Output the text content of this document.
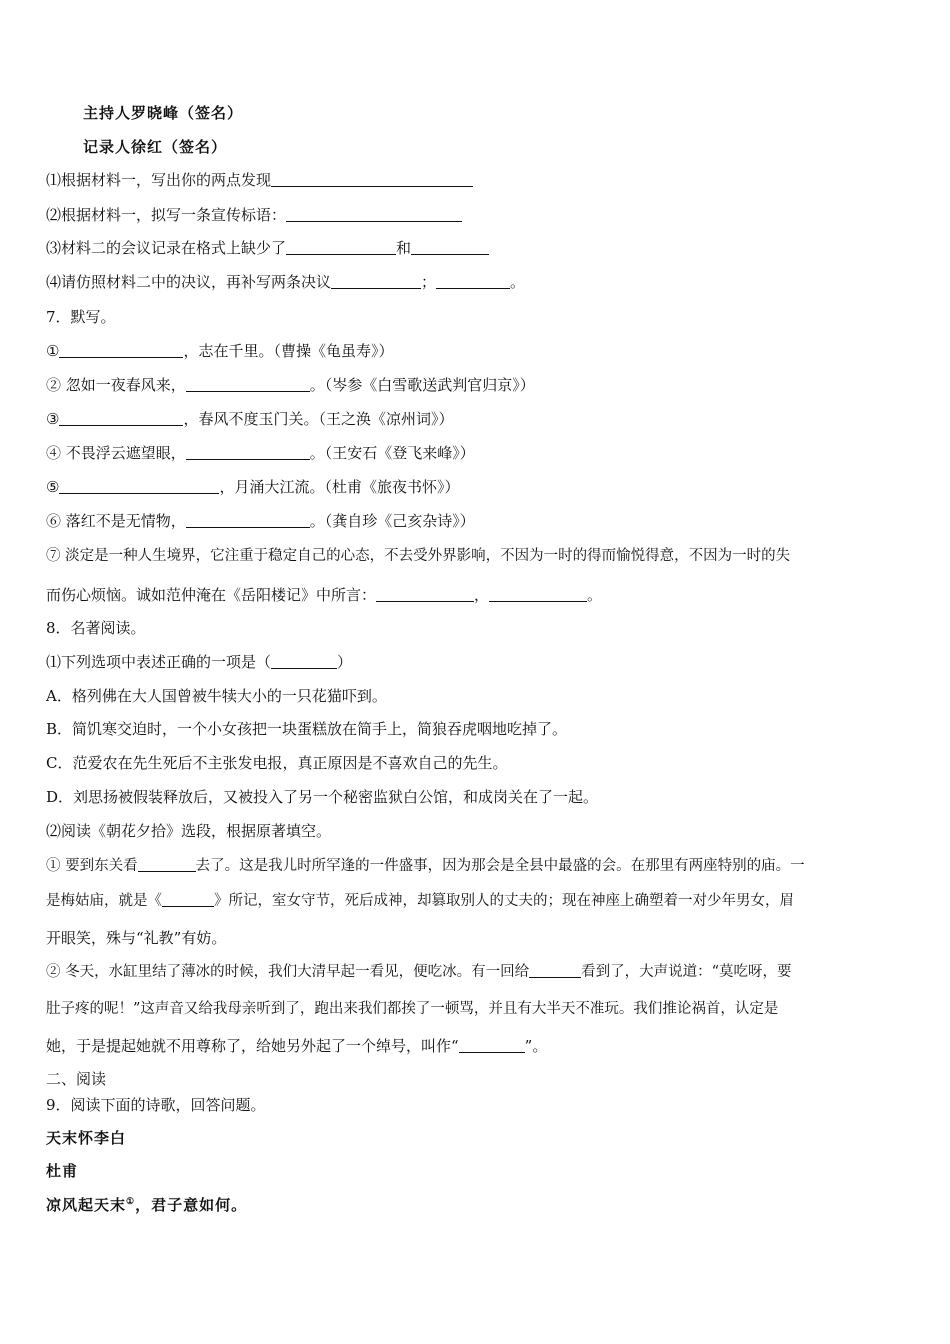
主持人罗晓峰（签名）
记录人徐红（签名）
⑴根据材料一，写出你的两点发现
⑵根据材料一，拟写一条宣传标语：
⑶材料二的会议记录在格式上缺少了	和
⑷请仿照材料二中的决议，再补写两条决议	；	。
7．默写。
①	，志在千里。（曹操《龟虽寿》）
② 忽如一夜春风来，	。（岑参《白雪歌送武判官归京》）
③	，春风不度玉门关。（王之涣《凉州词》）
④ 不畏浮云遮望眼，	。（王安石《登飞来峰》）
⑤	，月涌大江流。（杜甫《旅夜书怀》）
⑥ 落红不是无情物，	。（龚自珍《己亥杂诗》）
⑦ 淡定是一种人生境界，它注重于稳定自己的心态，不去受外界影响，不因为一时的得而愉悦得意，不因为一时的失
而伤心烦恼。诚如范仲淹在《岳阳楼记》中所言：	，	。
8．名著阅读。
⑴下列选项中表述正确的一项是（	）
A．格列佛在大人国曾被牛犊大小的一只花猫吓到。
B．简饥寒交迫时，一个小女孩把一块蛋糕放在简手上，简狼吞虎咽地吃掉了。
C．范爱农在先生死后不主张发电报，真正原因是不喜欢自己的先生。
D．刘思扬被假装释放后，又被投入了另一个秘密监狱白公馆，和成岗关在了一起。
⑵阅读《朝花夕拾》选段，根据原著填空。
① 要到东关看	去了。这是我儿时所罕逢的一件盛事，因为那会是全县中最盛的会。在那里有两座特别的庙。一
是梅姑庙，就是《	》所记，室女守节，死后成神，却篡取别人的丈夫的；现在神座上确塑着一对少年男女，眉
开眼笑，殊与“礼教”有妨。
② 冬天，水缸里结了薄冰的时候，我们大清早起一看见，便吃冰。有一回给	看到了，大声说道：“莫吃呀，要
肚子疼的呢！”这声音又给我母亲听到了，跑出来我们都挨了一顿骂，并且有大半天不准玩。我们推论祸首，认定是
她，于是提起她就不用尊称了，给她另外起了一个绰号，叫作“	”。
二、阅读
9．阅读下面的诗歌，回答问题。
天末怀李白
杜甫
凉风起天末①，君子意如何。
